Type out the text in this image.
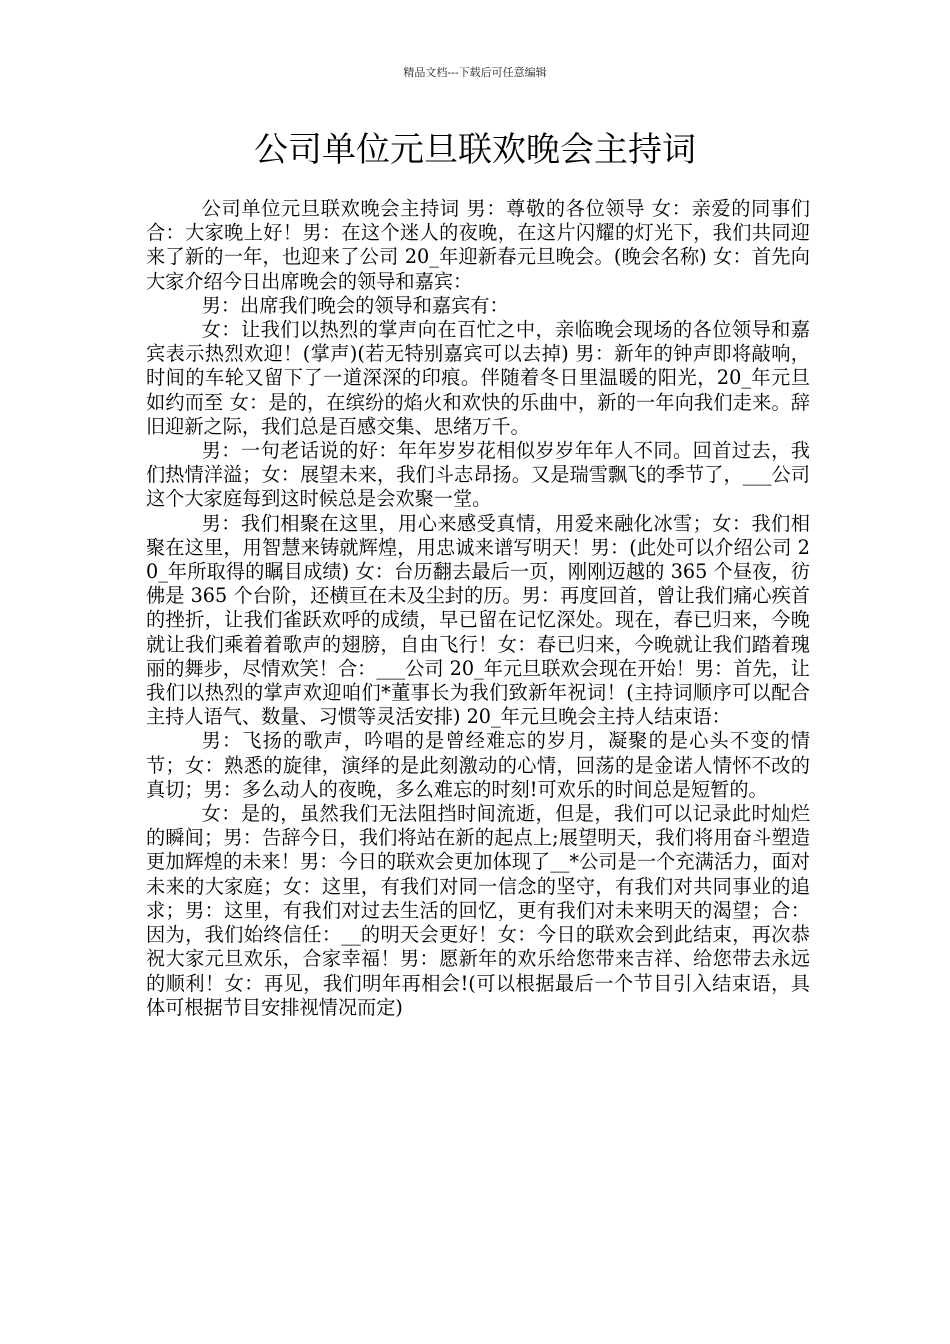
精品文档---下载后可任意编辑
公司单位元旦联欢晚会主持词

公司单位元旦联欢晚会主持词 男：尊敬的各位领导 女：亲爱的同事们 合：大家晚上好！男：在这个迷人的夜晚，在这片闪耀的灯光下，我们共同迎来了新的一年，也迎来了公司 20_年迎新春元旦晚会。(晚会名称) 女：首先向大家介绍今日出席晚会的领导和嘉宾：

男：出席我们晚会的领导和嘉宾有：

女：让我们以热烈的掌声向在百忙之中，亲临晚会现场的各位领导和嘉宾表示热烈欢迎！(掌声)(若无特别嘉宾可以去掉) 男：新年的钟声即将敲响，时间的车轮又留下了一道深深的印痕。伴随着冬日里温暖的阳光，20_年元旦如约而至 女：是的，在缤纷的焰火和欢快的乐曲中，新的一年向我们走来。辞旧迎新之际，我们总是百感交集、思绪万千。

男：一句老话说的好：年年岁岁花相似岁岁年年人不同。回首过去，我们热情洋溢；女：展望未来，我们斗志昂扬。又是瑞雪飘飞的季节了，___公司这个大家庭每到这时候总是会欢聚一堂。

男：我们相聚在这里，用心来感受真情，用爱来融化冰雪；女：我们相聚在这里，用智慧来铸就辉煌，用忠诚来谱写明天！男：(此处可以介绍公司 20_年所取得的瞩目成绩) 女：台历翻去最后一页，刚刚迈越的 365 个昼夜，彷佛是 365 个台阶，还横亘在未及尘封的历。男：再度回首，曾让我们痛心疾首的挫折，让我们雀跃欢呼的成绩，早已留在记忆深处。现在，春已归来，今晚就让我们乘着着歌声的翅膀，自由飞行！女：春已归来，今晚就让我们踏着瑰丽的舞步，尽情欢笑！合：___公司 20_年元旦联欢会现在开始！男：首先，让我们以热烈的掌声欢迎咱们*董事长为我们致新年祝词！(主持词顺序可以配合主持人语气、数量、习惯等灵活安排) 20_年元旦晚会主持人结束语：

男：飞扬的歌声，吟唱的是曾经难忘的岁月，凝聚的是心头不变的情节；女：熟悉的旋律，演绎的是此刻激动的心情，回荡的是金诺人情怀不改的真切；男：多么动人的夜晚，多么难忘的时刻!可欢乐的时间总是短暂的。

女：是的，虽然我们无法阻挡时间流逝，但是，我们可以记录此时灿烂的瞬间；男：告辞今日，我们将站在新的起点上;展望明天，我们将用奋斗塑造更加辉煌的未来！男：今日的联欢会更加体现了__*公司是一个充满活力，面对未来的大家庭；女：这里，有我们对同一信念的坚守，有我们对共同事业的追求；男：这里，有我们对过去生活的回忆，更有我们对未来明天的渴望；合：因为，我们始终信任：__的明天会更好！女：今日的联欢会到此结束，再次恭祝大家元旦欢乐，合家幸福！男：愿新年的欢乐给您带来吉祥、给您带去永远的顺利！女：再见，我们明年再相会!(可以根据最后一个节目引入结束语，具体可根据节目安排视情况而定)
